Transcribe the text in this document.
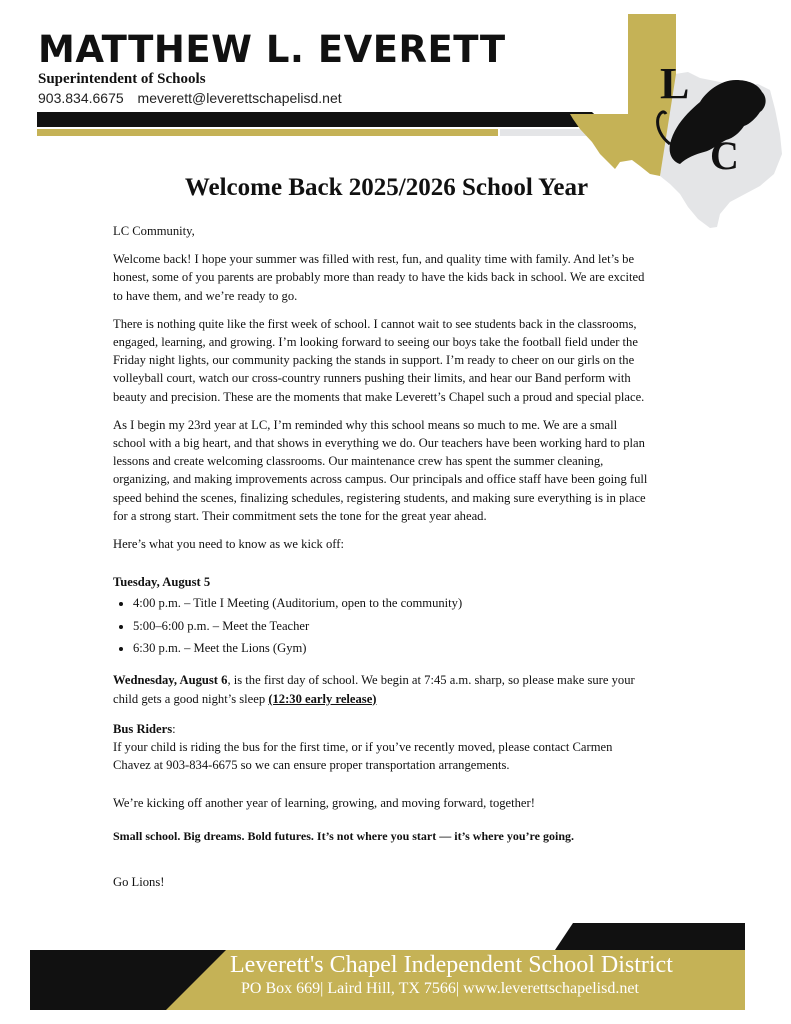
L
C
MATTHEW L. EVERETT
Superintendent of Schools
903.834.6675 meverett@leverettschapelisd.net
Welcome Back 2025/2026 School Year

LC Community,

Welcome back! I hope your summer was filled with rest, fun, and quality time with family. And let’s be honest, some of you parents are probably more than ready to have the kids back in school. We are excited to have them, and we’re ready to go.

There is nothing quite like the first week of school. I cannot wait to see students back in the classrooms, engaged, learning, and growing. I’m looking forward to seeing our boys take the football field under the Friday night lights, our community packing the stands in support. I’m ready to cheer on our girls on the volleyball court, watch our cross-country runners pushing their limits, and hear our Band perform with beauty and precision. These are the moments that make Leverett’s Chapel such a proud and special place.

As I begin my 23rd year at LC, I’m reminded why this school means so much to me. We are a small school with a big heart, and that shows in everything we do. Our teachers have been working hard to plan lessons and create welcoming classrooms. Our maintenance crew has spent the summer cleaning, organizing, and making improvements across campus. Our principals and office staff have been going full speed behind the scenes, finalizing schedules, registering students, and making sure everything is in place for a strong start. Their commitment sets the tone for the great year ahead.

Here’s what you need to know as we kick off:

Tuesday, August 5

• 4:00 p.m. – Title I Meeting (Auditorium, open to the community)
• 5:00–6:00 p.m. – Meet the Teacher
• 6:30 p.m. – Meet the Lions (Gym)

Wednesday, August 6, is the first day of school. We begin at 7:45 a.m. sharp, so please make sure your child gets a good night’s sleep (12:30 early release)

Bus Riders:

If your child is riding the bus for the first time, or if you’ve recently moved, please contact Carmen Chavez at 903-834-6675 so we can ensure proper transportation arrangements.

We’re kicking off another year of learning, growing, and moving forward, together!

Small school. Big dreams. Bold futures. It’s not where you start — it’s where you’re going.

Go Lions!

Leverett's Chapel Independent School District
PO Box 669| Laird Hill, TX 7566| www.leverettschapelisd.net
